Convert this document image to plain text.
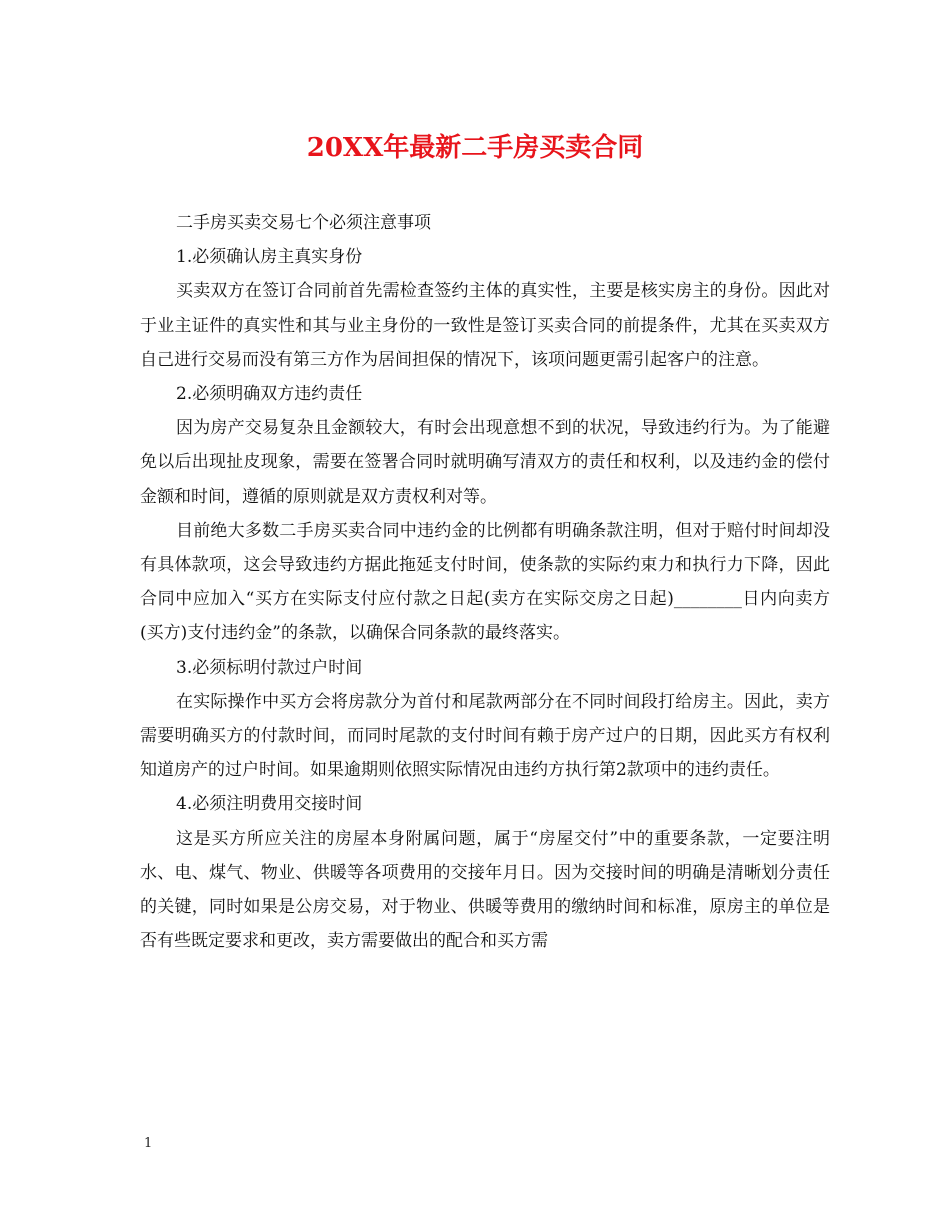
20XX年最新二手房买卖合同

二手房买卖交易七个必须注意事项

1.必须确认房主真实身份

买卖双方在签订合同前首先需检查签约主体的真实性，主要是核实房主的身份。因此对于业主证件的真实性和其与业主身份的一致性是签订买卖合同的前提条件，尤其在买卖双方自己进行交易而没有第三方作为居间担保的情况下，该项问题更需引起客户的注意。

2.必须明确双方违约责任

因为房产交易复杂且金额较大，有时会出现意想不到的状况，导致违约行为。为了能避免以后出现扯皮现象，需要在签署合同时就明确写清双方的责任和权利，以及违约金的偿付金额和时间，遵循的原则就是双方责权利对等。

目前绝大多数二手房买卖合同中违约金的比例都有明确条款注明，但对于赔付时间却没有具体款项，这会导致违约方据此拖延支付时间，使条款的实际约束力和执行力下降，因此合同中应加入“买方在实际支付应付款之日起(卖方在实际交房之日起)________日内向卖方(买方)支付违约金”的条款，以确保合同条款的最终落实。

3.必须标明付款过户时间

在实际操作中买方会将房款分为首付和尾款两部分在不同时间段打给房主。因此，卖方需要明确买方的付款时间，而同时尾款的支付时间有赖于房产过户的日期，因此买方有权利知道房产的过户时间。如果逾期则依照实际情况由违约方执行第2款项中的违约责任。

4.必须注明费用交接时间

这是买方所应关注的房屋本身附属问题，属于“房屋交付”中的重要条款，一定要注明水、电、煤气、物业、供暖等各项费用的交接年月日。因为交接时间的明确是清晰划分责任的关键，同时如果是公房交易，对于物业、供暖等费用的缴纳时间和标准，原房主的单位是否有些既定要求和更改，卖方需要做出的配合和买方需

1
